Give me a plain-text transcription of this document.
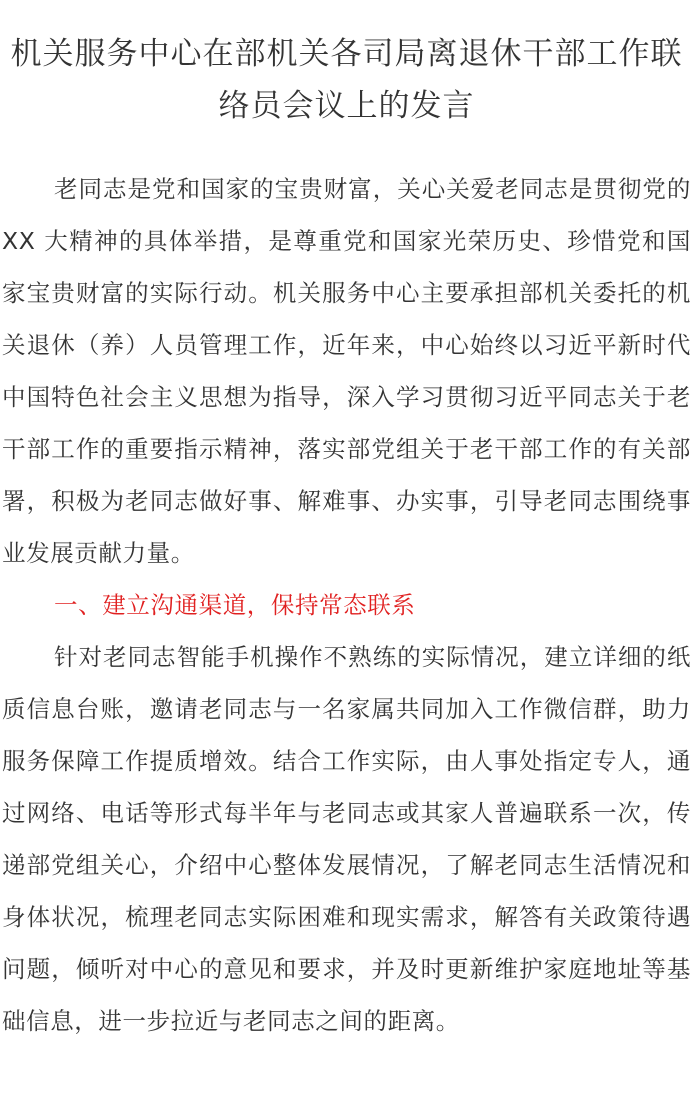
机关服务中心在部机关各司局离退休干部工作联络员会议上的发言

老同志是党和国家的宝贵财富，关心关爱老同志是贯彻党的 XX 大精神的具体举措，是尊重党和国家光荣历史、珍惜党和国家宝贵财富的实际行动。机关服务中心主要承担部机关委托的机关退休（养）人员管理工作，近年来，中心始终以习近平新时代中国特色社会主义思想为指导，深入学习贯彻习近平同志关于老干部工作的重要指示精神，落实部党组关于老干部工作的有关部署，积极为老同志做好事、解难事、办实事，引导老同志围绕事业发展贡献力量。

一、建立沟通渠道，保持常态联系

针对老同志智能手机操作不熟练的实际情况，建立详细的纸质信息台账，邀请老同志与一名家属共同加入工作微信群，助力服务保障工作提质增效。结合工作实际，由人事处指定专人，通过网络、电话等形式每半年与老同志或其家人普遍联系一次，传递部党组关心，介绍中心整体发展情况，了解老同志生活情况和身体状况，梳理老同志实际困难和现实需求，解答有关政策待遇问题，倾听对中心的意见和要求，并及时更新维护家庭地址等基础信息，进一步拉近与老同志之间的距离。
